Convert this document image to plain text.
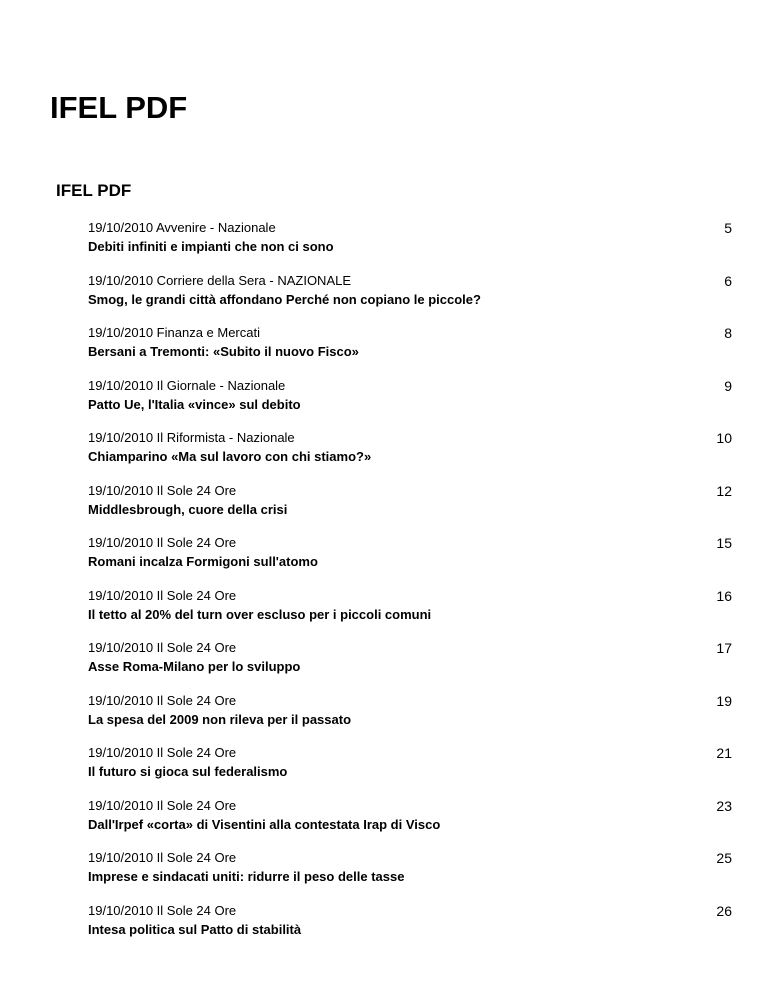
IFEL PDF
IFEL PDF
19/10/2010 Avvenire - Nazionale
Debiti infiniti e impianti che non ci sono
5
19/10/2010 Corriere della Sera - NAZIONALE
Smog, le grandi città affondano Perché non copiano le piccole?
6
19/10/2010 Finanza e Mercati
Bersani a Tremonti: «Subito il nuovo Fisco»
8
19/10/2010 Il Giornale - Nazionale
Patto Ue, l'Italia «vince» sul debito
9
19/10/2010 Il Riformista - Nazionale
Chiamparino «Ma sul lavoro con chi stiamo?»
10
19/10/2010 Il Sole 24 Ore
Middlesbrough, cuore della crisi
12
19/10/2010 Il Sole 24 Ore
Romani incalza Formigoni sull'atomo
15
19/10/2010 Il Sole 24 Ore
Il tetto al 20% del turn over escluso per i piccoli comuni
16
19/10/2010 Il Sole 24 Ore
Asse Roma-Milano per lo sviluppo
17
19/10/2010 Il Sole 24 Ore
La spesa del 2009 non rileva per il passato
19
19/10/2010 Il Sole 24 Ore
Il futuro si gioca sul federalismo
21
19/10/2010 Il Sole 24 Ore
Dall'Irpef «corta» di Visentini alla contestata Irap di Visco
23
19/10/2010 Il Sole 24 Ore
Imprese e sindacati uniti: ridurre il peso delle tasse
25
19/10/2010 Il Sole 24 Ore
Intesa politica sul Patto di stabilità
26
